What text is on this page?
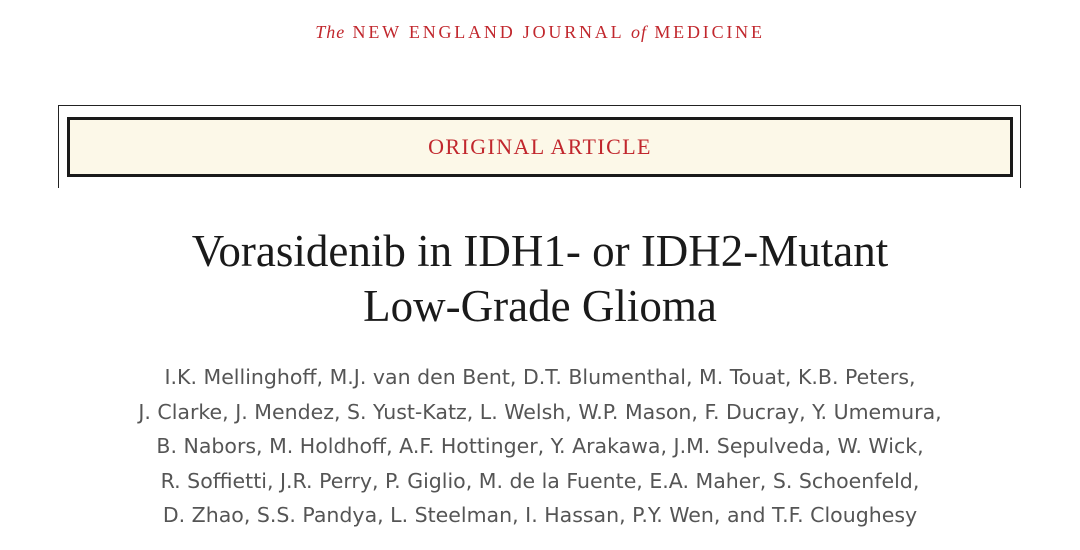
The NEW ENGLAND JOURNAL of MEDICINE
ORIGINAL ARTICLE
Vorasidenib in IDH1- or IDH2-Mutant
Low-Grade Glioma
I.K. Mellinghoff, M.J. van den Bent, D.T. Blumenthal, M. Touat, K.B. Peters,
J. Clarke, J. Mendez, S. Yust-Katz, L. Welsh, W.P. Mason, F. Ducray, Y. Umemura,
B. Nabors, M. Holdhoff, A.F. Hottinger, Y. Arakawa, J.M. Sepulveda, W. Wick,
R. Soffietti, J.R. Perry, P. Giglio, M. de la Fuente, E.A. Maher, S. Schoenfeld,
D. Zhao, S.S. Pandya, L. Steelman, I. Hassan, P.Y. Wen, and T.F. Cloughesy
